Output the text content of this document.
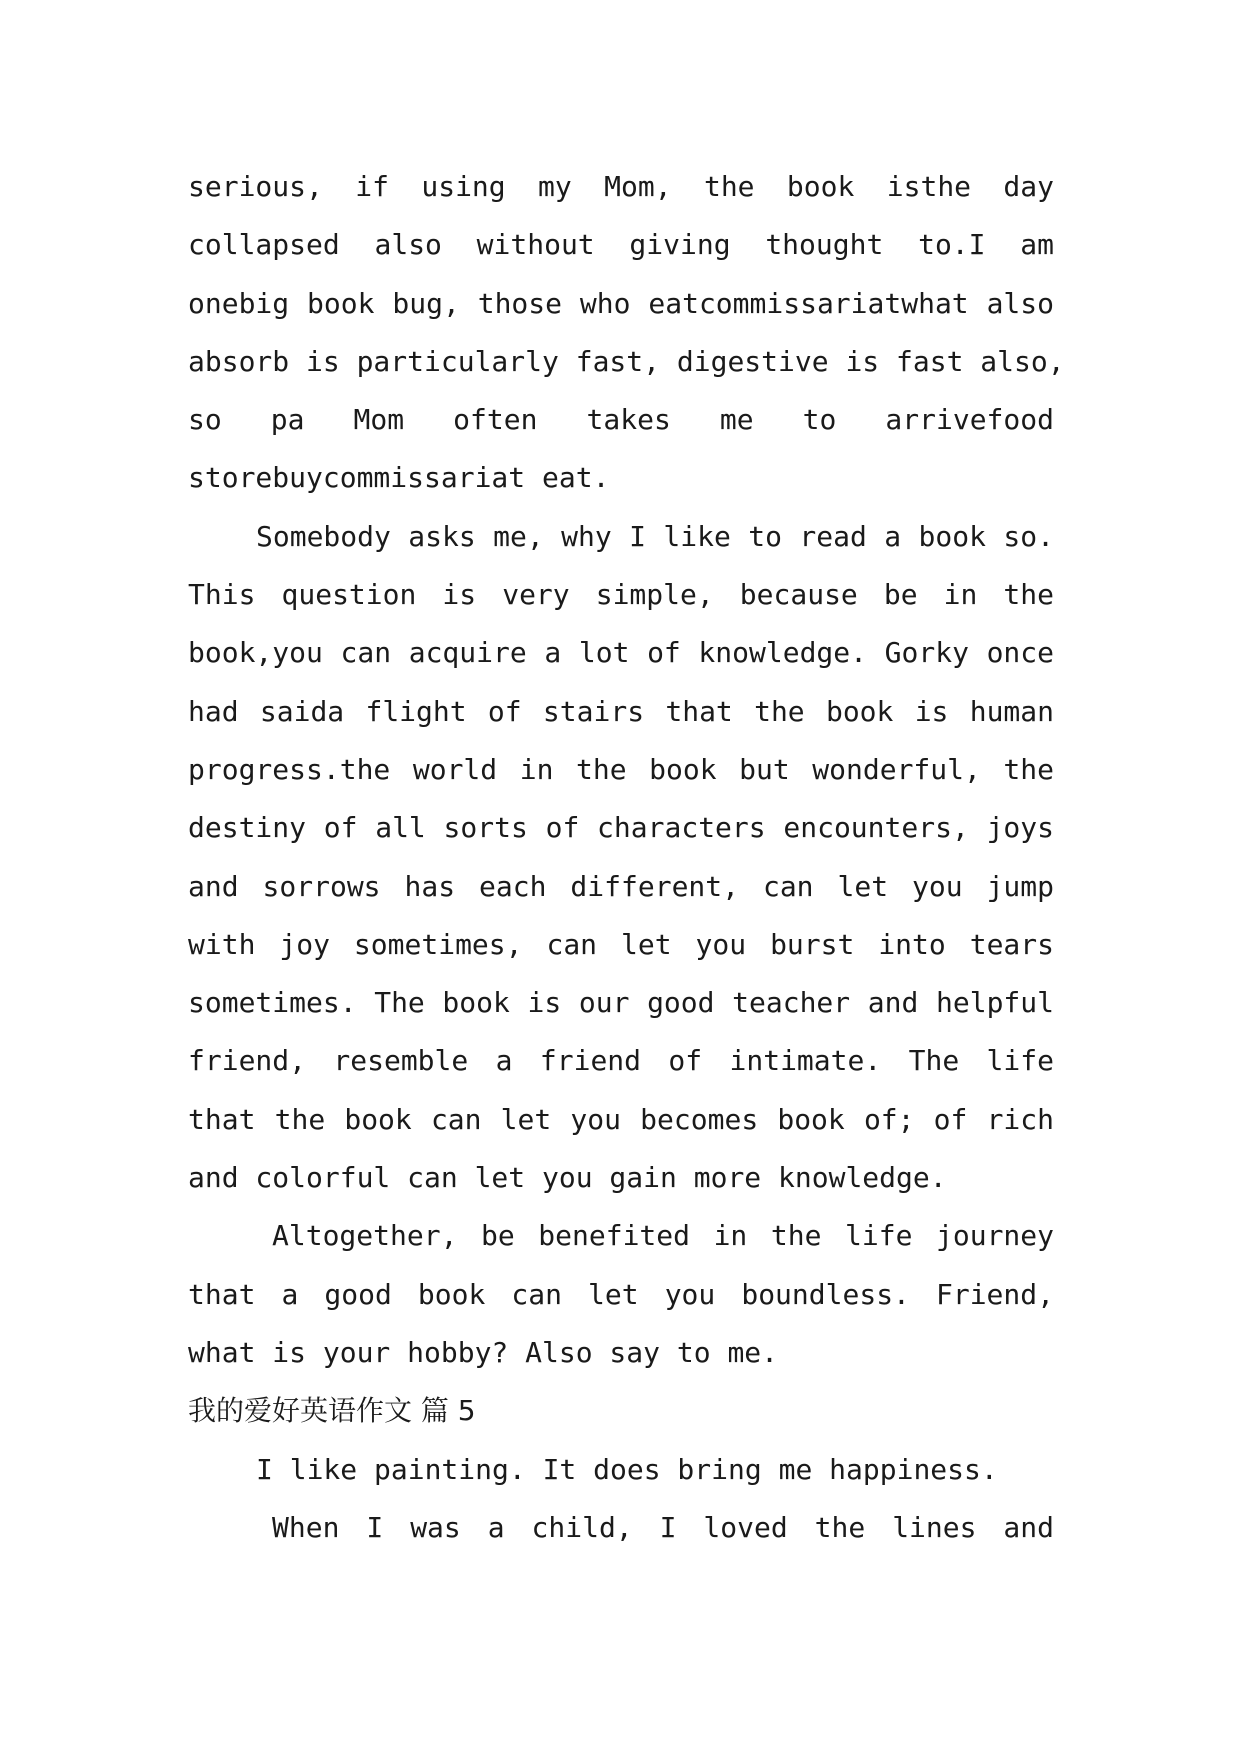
serious, if using my Mom, the book isthe day
collapsed also without giving thought to.I am
onebig book bug, those who eatcommissariatwhat also
absorb is particularly fast, digestive is fast also,
so pa Mom often takes me to arrivefood
storebuycommissariat eat.
Somebody asks me, why I like to read a book so.
This question is very simple, because be in the
book,you can acquire a lot of knowledge. Gorky once
had saida flight of stairs that the book is human
progress.the world in the book but wonderful, the
destiny of all sorts of characters encounters, joys
and sorrows has each different, can let you jump
with joy sometimes, can let you burst into tears
sometimes. The book is our good teacher and helpful
friend, resemble a friend of intimate. The life
that the book can let you becomes book of; of rich
and colorful can let you gain more knowledge.
Altogether, be benefited in the life journey
that a good book can let you boundless. Friend,
what is your hobby? Also say to me.
我的爱好英语作文 篇 5
I like painting. It does bring me happiness.
When I was a child, I loved the lines and
